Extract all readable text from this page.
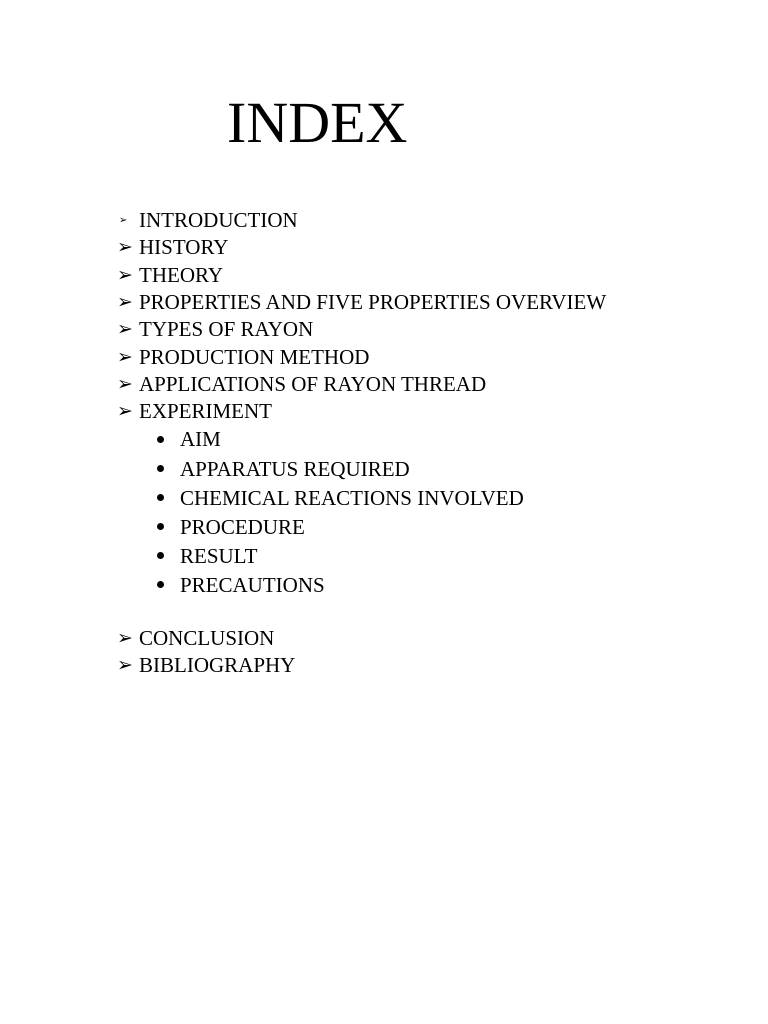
INDEX
➢ INTRODUCTION
➢ HISTORY
➢ THEORY
➢ PROPERTIES AND FIVE PROPERTIES OVERVIEW
➢ TYPES OF RAYON
➢ PRODUCTION METHOD
➢ APPLICATIONS OF RAYON THREAD
➢ EXPERIMENT
AIM
APPARATUS REQUIRED
CHEMICAL REACTIONS INVOLVED
PROCEDURE
RESULT
PRECAUTIONS
➢ CONCLUSION
➢ BIBLIOGRAPHY
